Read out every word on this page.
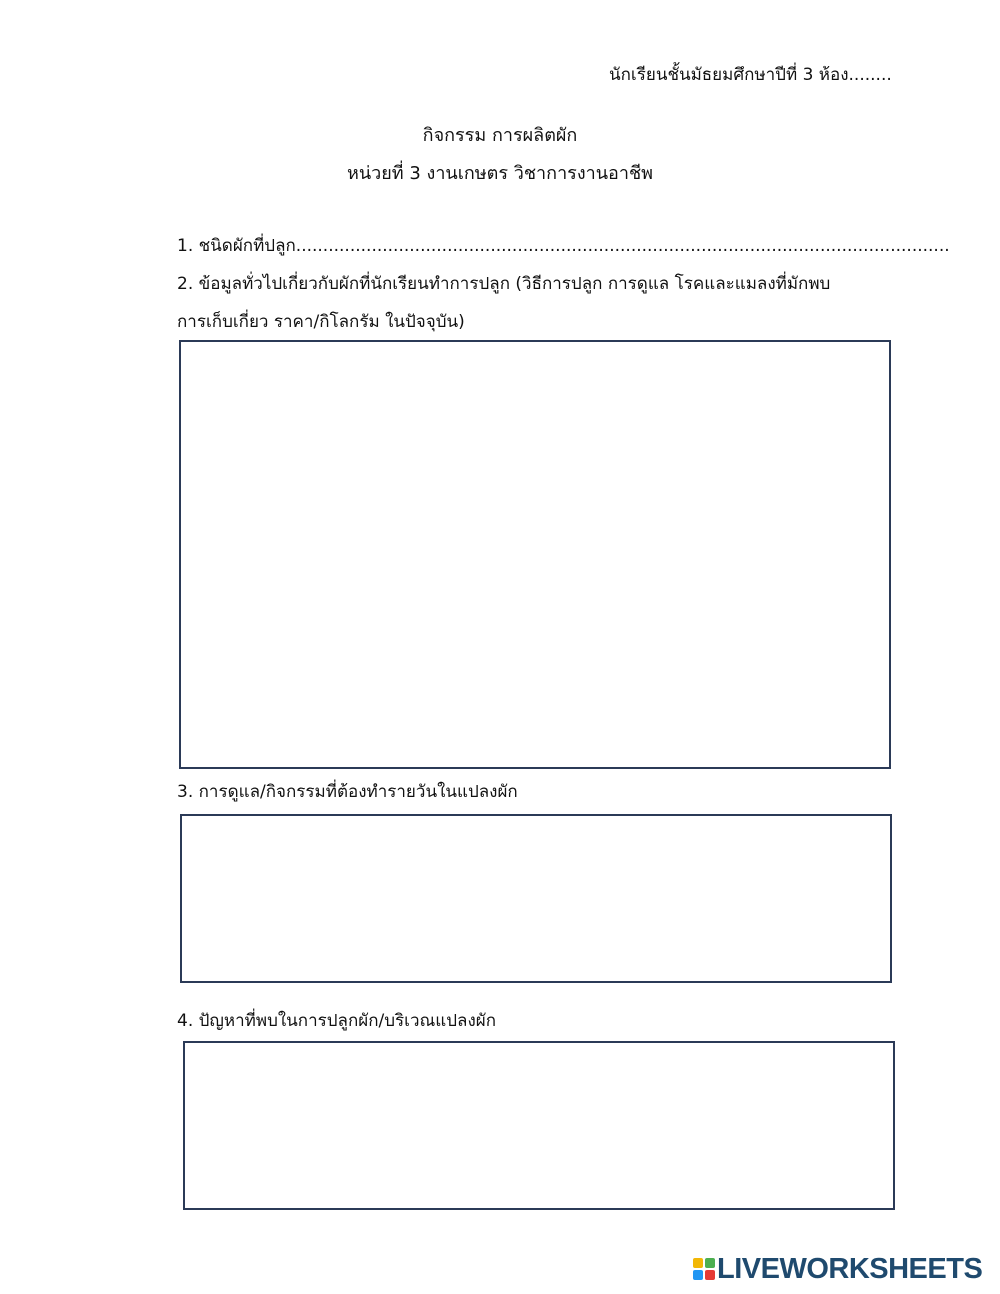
นักเรียนชั้นมัธยมศึกษาปีที่ 3 ห้อง........
กิจกรรม การผลิตผัก
หน่วยที่ 3 งานเกษตร วิชาการงานอาชีพ
1. ชนิดผักที่ปลูก.........................................................................................................................
2. ข้อมูลทั่วไปเกี่ยวกับผักที่นักเรียนทำการปลูก (วิธีการปลูก การดูแล โรคและแมลงที่มักพบ
การเก็บเกี่ยว ราคา/กิโลกรัม ในปัจจุบัน)
3. การดูแล/กิจกรรมที่ต้องทำรายวันในแปลงผัก
4. ปัญหาที่พบในการปลูกผัก/บริเวณแปลงผัก
LIVEWORKSHEETS
